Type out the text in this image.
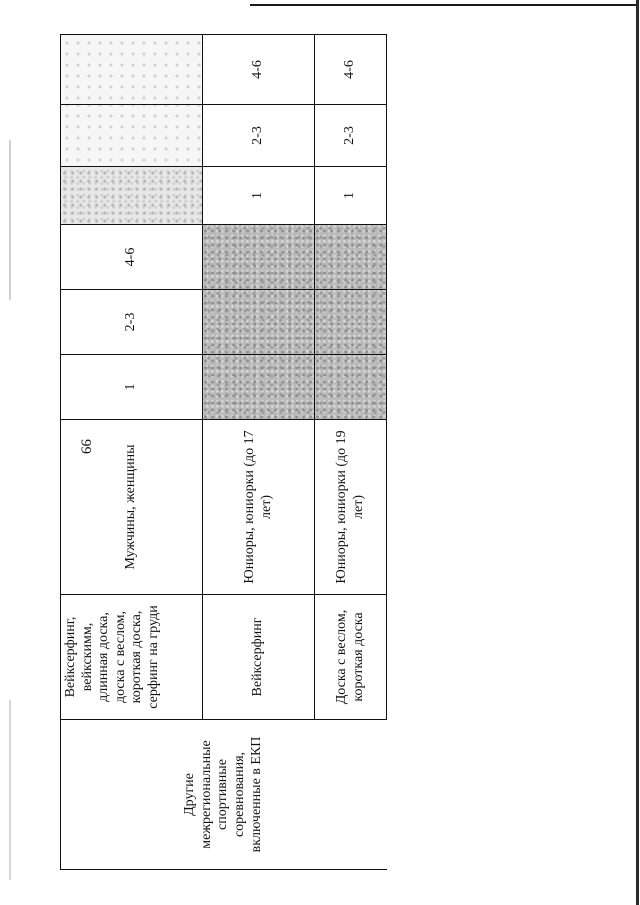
99
Другие межрегиональные спортивные соревнования, включенные в ЕКП	Вейксерфинг, вейкскимм, длинная доска, доска с веслом, короткая доска, серфинг на груди	Мужчины, женщины	1	2-3	4-6			
	Вейксерфинг	Юниоры, юниорки (до 17 лет)				1	2-3	4-6
	Доска с веслом, короткая доска	Юниоры, юниорки (до 19 лет)				1	2-3	4-6
